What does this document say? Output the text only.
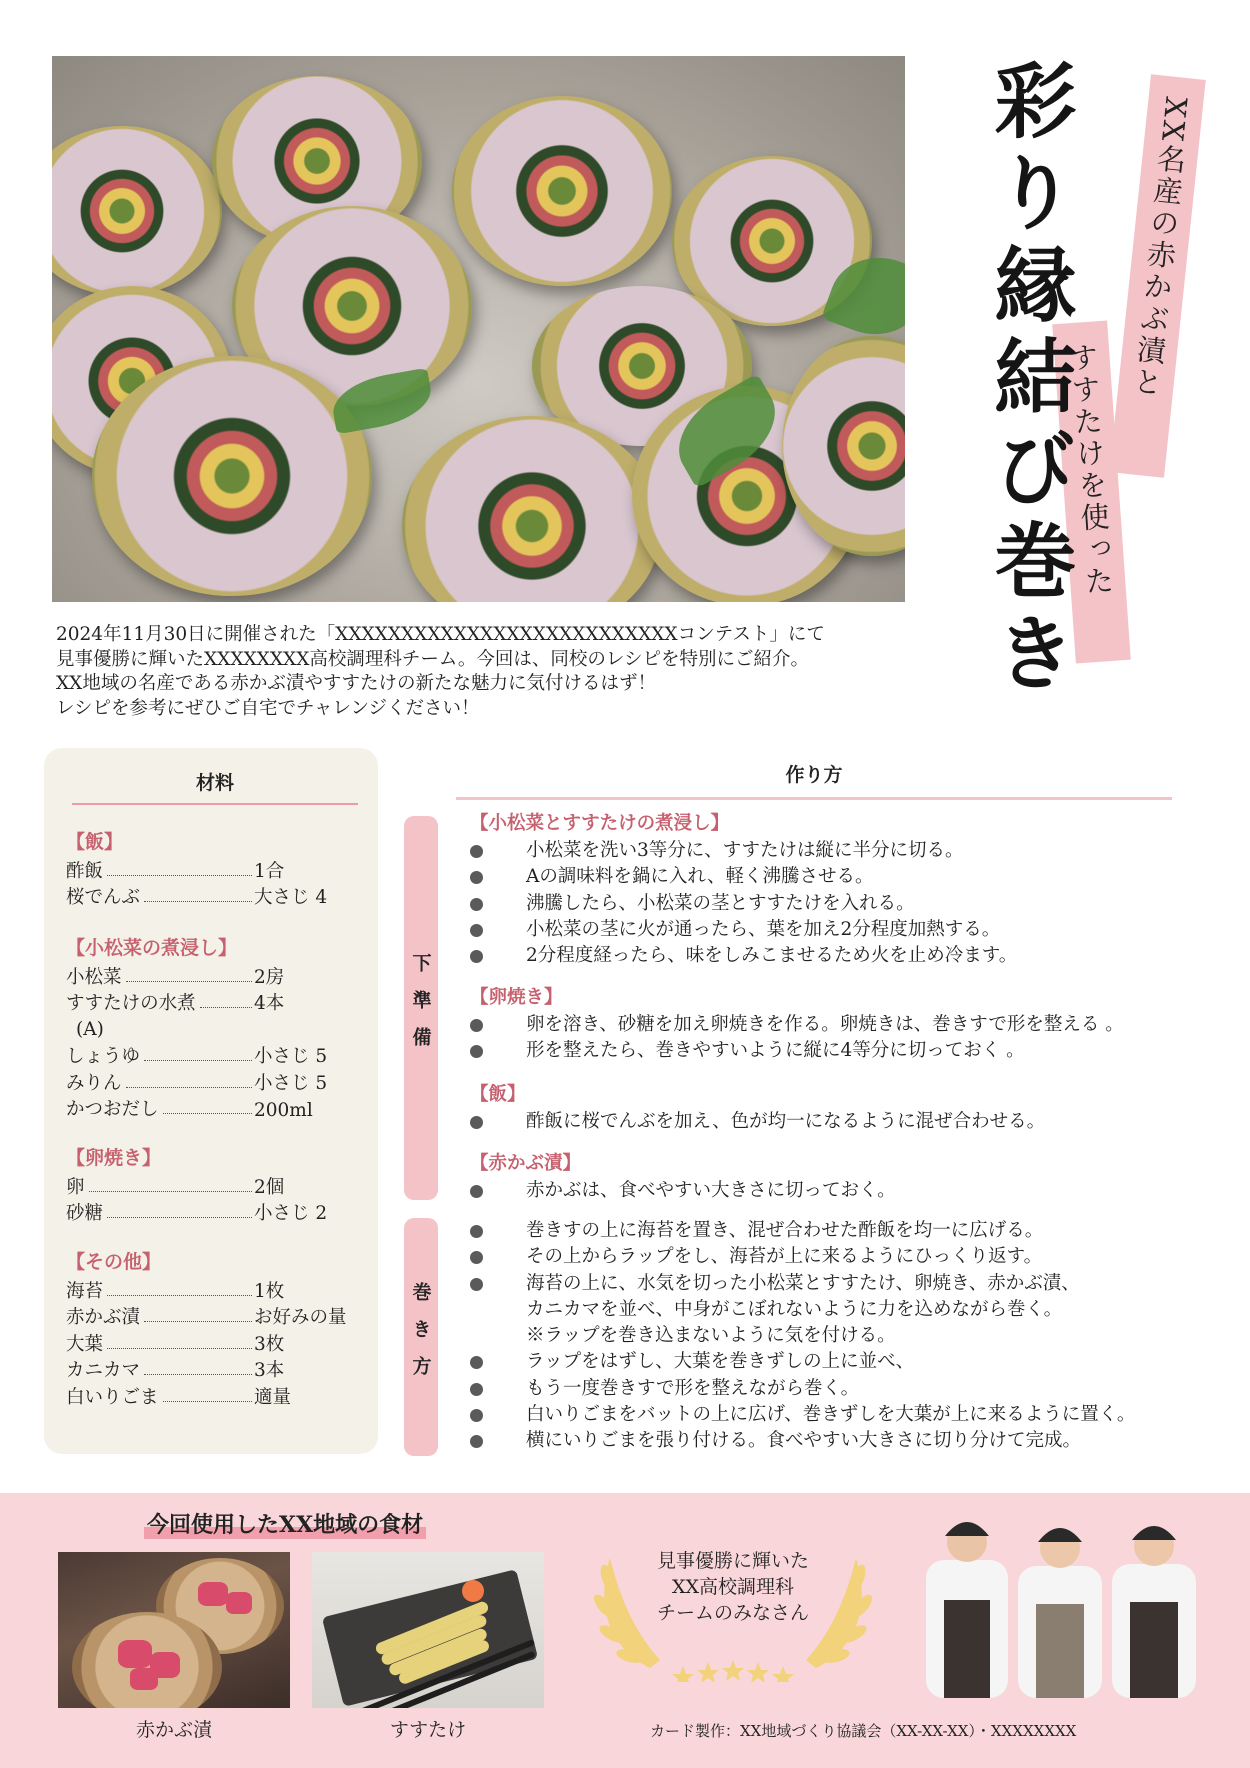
XX名産の赤かぶ漬と
すすたけを使った
彩り縁結び巻き

2024年11月30日に開催された「XXXXXXXXXXXXXXXXXXXXXXXXXXコンテスト」にて

見事優勝に輝いたXXXXXXXX高校調理科チーム。今回は、同校のレシピを特別にご紹介。

XX地域の名産である赤かぶ漬やすすたけの新たな魅力に気付けるはず！

レシピを参考にぜひご自宅でチャレンジください！

材料
【飯】
酢飯	1合
桜でんぶ	大さじ 4
【小松菜の煮浸し】
小松菜	2房
すすたけの水煮	4本
(A)
しょうゆ	小さじ 5
みりん	小さじ 5
かつおだし	200ml
【卵焼き】
卵	2個
砂糖	小さじ 2
【その他】
海苔	1枚
赤かぶ漬	お好みの量
大葉	3枚
カニカマ	3本
白いりごま	適量
作り方
下準備
巻き方
【小松菜とすすたけの煮浸し】
小松菜を洗い3等分に、すすたけは縦に半分に切る。
Aの調味料を鍋に入れ、軽く沸騰させる。
沸騰したら、小松菜の茎とすすたけを入れる。
小松菜の茎に火が通ったら、葉を加え2分程度加熱する。
2分程度経ったら、味をしみこませるため火を止め冷ます。
【卵焼き】
卵を溶き、砂糖を加え卵焼きを作る。卵焼きは、巻きすで形を整える 。
形を整えたら、巻きやすいように縦に4等分に切っておく 。
【飯】
酢飯に桜でんぶを加え、色が均一になるように混ぜ合わせる。
【赤かぶ漬】
赤かぶは、食べやすい大きさに切っておく。
巻きすの上に海苔を置き、混ぜ合わせた酢飯を均一に広げる。
その上からラップをし、海苔が上に来るようにひっくり返す。
海苔の上に、水気を切った小松菜とすすたけ、卵焼き、赤かぶ漬、
カニカマを並べ、中身がこぼれないように力を込めながら巻く。
※ラップを巻き込まないように気を付ける。
ラップをはずし、大葉を巻きずしの上に並べ、
もう一度巻きすで形を整えながら巻く。
白いりごまをバットの上に広げ、巻きずしを大葉が上に来るように置く。
横にいりごまを張り付ける。食べやすい大きさに切り分けて完成。
今回使用したXX地域の食材
赤かぶ漬	すすたけ
見事優勝に輝いた
XX高校調理科
チームのみなさん
カード製作：XX地域づくり協議会（XX-XX-XX）・XXXXXXXX
